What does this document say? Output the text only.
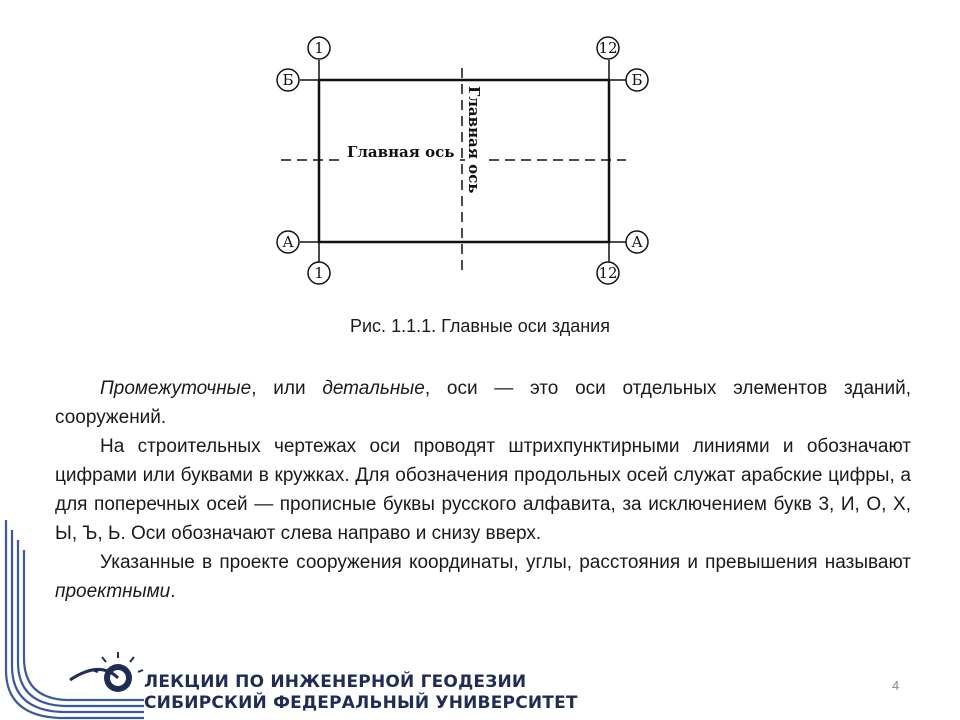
Главная ось Главная ось
1	12
Б	Б
А	А
1	12
Рис. 1.1.1. Главные оси здания

Промежуточные, или детальные, оси — это оси отдельных элементов зданий, сооружений.

На строительных чертежах оси проводят штрихпунктирными линиями и обозначают цифрами или буквами в кружках. Для обозначения продольных осей служат арабские цифры, а для поперечных осей — прописные буквы русского алфавита, за исключением букв 3, И, О, Х, Ы, Ъ, Ь. Оси обозначают слева направо и снизу вверх.

Указанные в проекте сооружения координаты, углы, расстояния и превышения называют проектными.

ЛЕКЦИИ ПО ИНЖЕНЕРНОЙ ГЕОДЕЗИИ
СИБИРСКИЙ ФЕДЕРАЛЬНЫЙ УНИВЕРСИТЕТ
4
